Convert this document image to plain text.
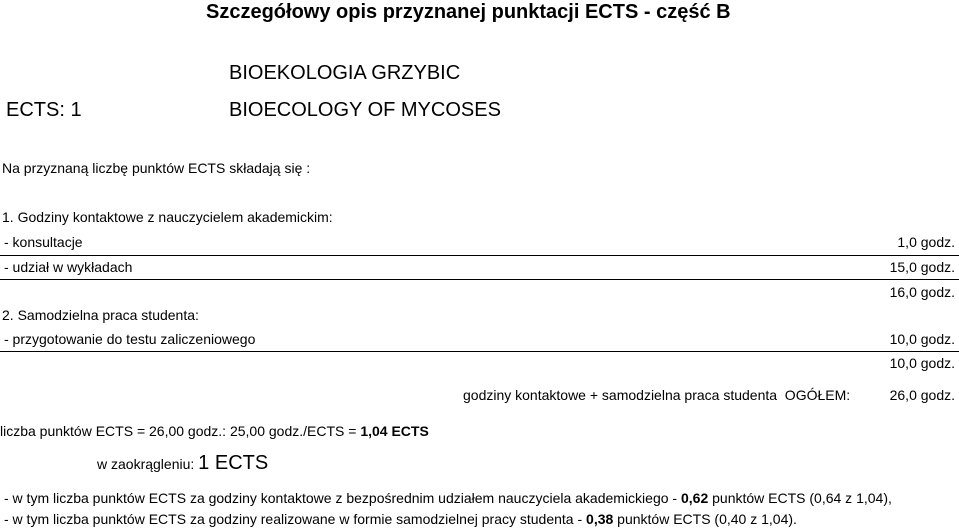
Szczegółowy opis przyznanej punktacji ECTS - część B
BIOEKOLOGIA GRZYBIC
ECTS: 1	BIOECOLOGY OF MYCOSES
Na przyznaną liczbę punktów ECTS składają się :
1. Godziny kontaktowe z nauczycielem akademickim:
- konsultacje	1,0 godz.
- udział w wykładach	15,0 godz.
16,0 godz.
2. Samodzielna praca studenta:
- przygotowanie do testu zaliczeniowego	10,0 godz.
10,0 godz.
godziny kontaktowe + samodzielna praca studenta  OGÓŁEM:	26,0 godz.
liczba punktów ECTS = 26,00 godz.: 25,00 godz./ECTS = 1,04 ECTS
w zaokrągleniu: 1 ECTS
- w tym liczba punktów ECTS za godziny kontaktowe z bezpośrednim udziałem nauczyciela akademickiego - 0,62 punktów ECTS (0,64 z 1,04),
- w tym liczba punktów ECTS za godziny realizowane w formie samodzielnej pracy studenta - 0,38 punktów ECTS (0,40 z 1,04).
